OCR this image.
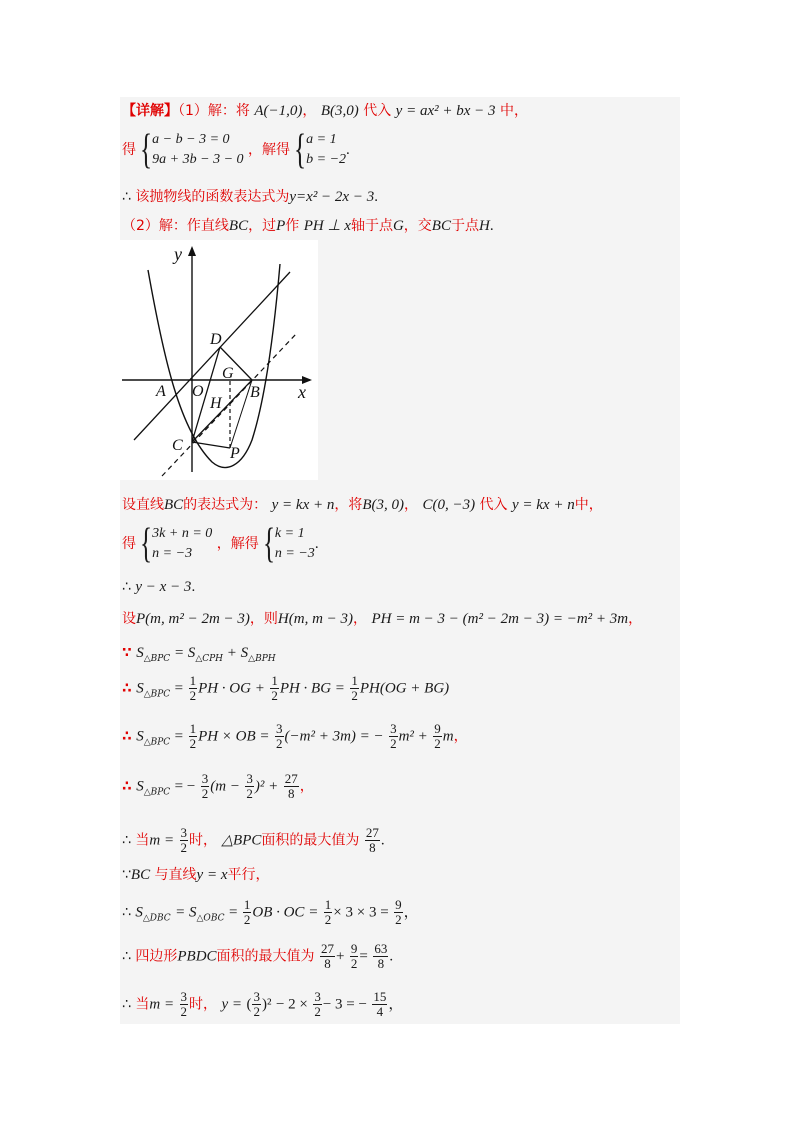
【详解】（1）解：将 A(−1,0)， B(3,0) 代入 y = ax² + bx − 3 中，
得{ a − b − 3 = 0
9a + 3b − 3 − 0
，解得{ a = 1
b = −2
.
∴ 该抛物线的函数表达式为y=x² − 2x − 3.
（2）解：作直线BC，过P作 PH ⊥ x轴于点G，交BC于点H.
y
x
A O
G
B
D
H
C	P
设直线BC的表达式为： y = kx + n，将B(3, 0)， C(0, −3) 代入 y = kx + n中，
得{ 3k + n = 0
n = −3
，解得{ k = 1
n = −3
.
∴ y − x − 3.
设P(m, m² − 2m − 3)，则H(m, m − 3)， PH = m − 3 − (m² − 2m − 3) = −m² + 3m，
∵ $S_{\triangle BPC} = S_{\triangle CPH} + S_{\triangle BPH}$
∴ $S_{\triangle BPC} = \frac{1}{2}$ PH · OG + $\frac{1}{2}$ PH · BG = $\frac{1}{2} PH(OG + BG)$
∴ $S_{\triangle BPC} = \frac{1}{2}$ PH × OB = $\frac{3}{2} (-m^2 + 3m)$ = − $\frac{3}{2} m^2 + \frac{9}{2}$ m，
∴ $S_{\triangle BPC}$ = − $\frac{3}{2} (m - \frac{3}{2} )^2 + \frac{27}{8}$ ，
∴ 当$m = \frac{3}{2}$ 时， △BPC面积的最大值为 $\frac{27}{8}$ .
∵BC 与直线y = x平行，
∴ $S_{\triangle DBC} = S_{\triangle OBC} = \frac{1}{2}$ OB · OC = $\frac{1}{2} \times 3 \times 3 = \frac{9}{2}$ ，
∴ 四边形PBDC面积的最大值为 $\frac{27}{8} + \frac{9}{2} = \frac{63}{8}$ .
∴ 当$m = \frac{3}{2}$ 时， y = ( $\frac{3}{2} )^2 - 2 \times \frac{3}{2} - 3$ = − $\frac{15}{4}$ ，
